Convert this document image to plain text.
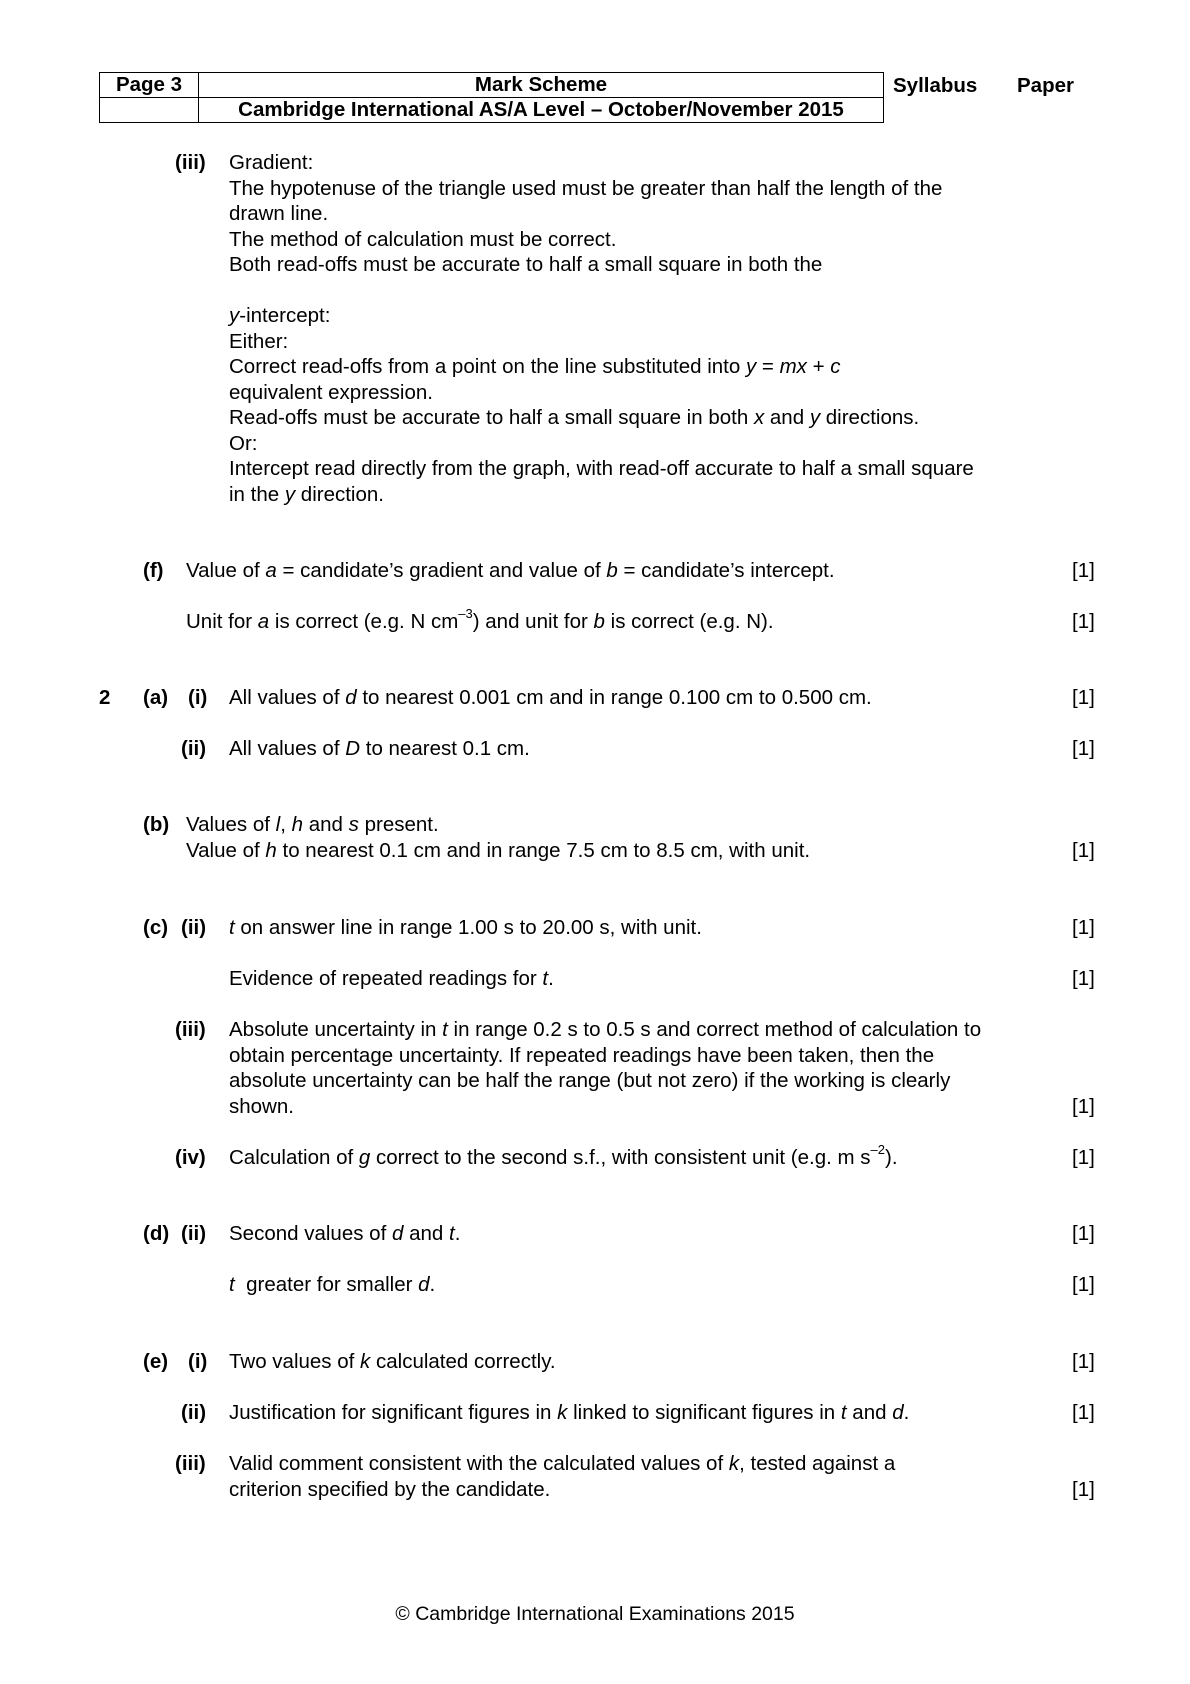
Page 3	Mark Scheme
	Cambridge International AS/A Level – October/November 2015
Syllabus Paper
(iii) Gradient:
The hypotenuse of the triangle used must be greater than half the length of the
drawn line.
The method of calculation must be correct.
Both read-offs must be accurate to half a small square in both the
y-intercept:
Either:
Correct read-offs from a point on the line substituted into y = mx + c
equivalent expression.
Read-offs must be accurate to half a small square in both x and y directions.
Or:
Intercept read directly from the graph, with read-off accurate to half a small square
in the y direction.
(f) Value of a = candidate’s gradient and value of b = candidate’s intercept.	[1]
Unit for a is correct (e.g. N $cm^{-3}$) and unit for b is correct (e.g. N).	[1]
2 (a) (i) All values of d to nearest 0.001 cm and in range 0.100 cm to 0.500 cm.	[1]
(ii) All values of D to nearest 0.1 cm.	[1]
(b) Values of l, h and s present.
Value of h to nearest 0.1 cm and in range 7.5 cm to 8.5 cm, with unit.	[1]
(c) (ii) t on answer line in range 1.00 s to 20.00 s, with unit.	[1]
Evidence of repeated readings for t.	[1]
(iii) Absolute uncertainty in t in range 0.2 s to 0.5 s and correct method of calculation to
obtain percentage uncertainty. If repeated readings have been taken, then the
absolute uncertainty can be half the range (but not zero) if the working is clearly
shown.	[1]
(iv) Calculation of g correct to the second s.f., with consistent unit (e.g. m $s^{-2}$).	[1]
(d) (ii) Second values of d and t.	[1]
t  greater for smaller d.	[1]
(e) (i) Two values of k calculated correctly.	[1]
(ii) Justification for significant figures in k linked to significant figures in t and d.	[1]
(iii) Valid comment consistent with the calculated values of k, tested against a
criterion specified by the candidate.	[1]
© Cambridge International Examinations 2015
